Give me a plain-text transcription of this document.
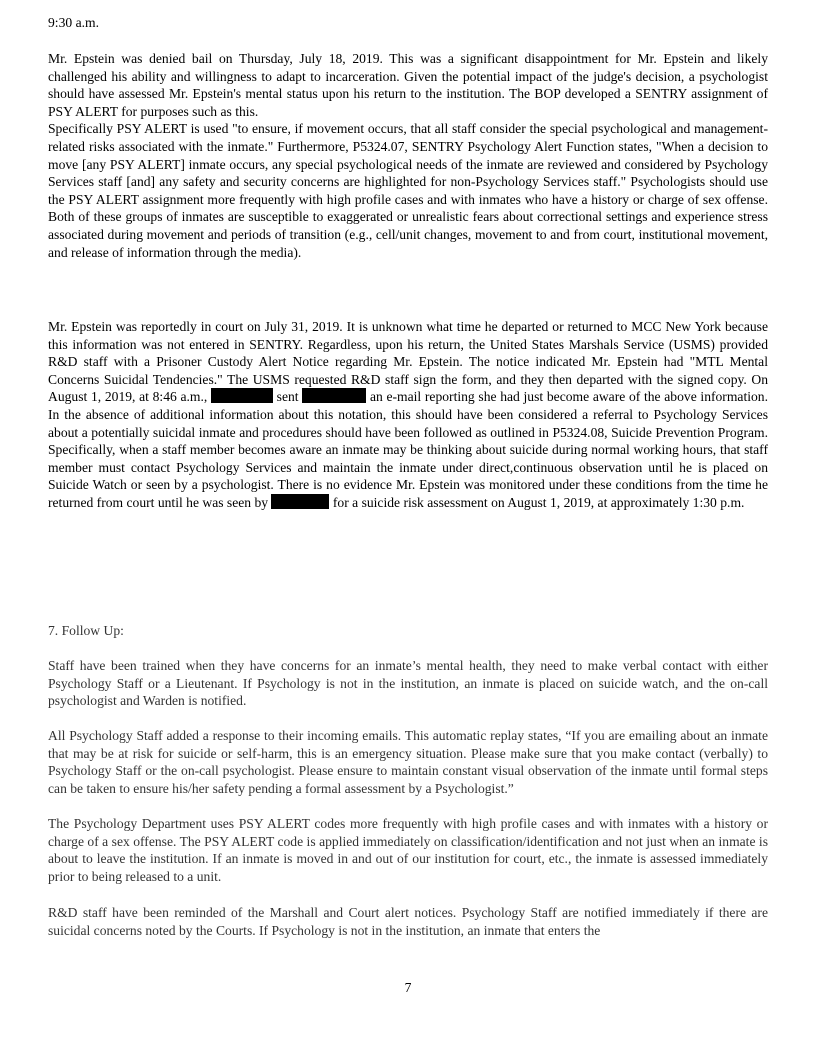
9:30 a.m.

Mr. Epstein was denied bail on Thursday, July 18, 2019. This was a significant disappointment for Mr. Epstein and likely challenged his ability and willingness to adapt to incarceration. Given the potential impact of the judge's decision, a psychologist should have assessed Mr. Epstein's mental status upon his return to the institution. The BOP developed a SENTRY assignment of PSY ALERT for purposes such as this.
Specifically PSY ALERT is used "to ensure, if movement occurs, that all staff consider the special psychological and management-related risks associated with the inmate." Furthermore, P5324.07, SENTRY Psychology Alert Function states, "When a decision to move [any PSY ALERT] inmate occurs, any special psychological needs of the inmate are reviewed and considered by Psychology Services staff [and] any safety and security concerns are highlighted for non-Psychology Services staff." Psychologists should use the PSY ALERT assignment more frequently with high profile cases and with inmates who have a history or charge of sex offense. Both of these groups of inmates are susceptible to exaggerated or unrealistic fears about correctional settings and experience stress associated during movement and periods of transition (e.g., cell/unit changes, movement to and from court, institutional movement, and release of information through the media).

Mr. Epstein was reportedly in court on July 31, 2019. It is unknown what time he departed or returned to MCC New York because this information was not entered in SENTRY. Regardless, upon his return, the United States Marshals Service (USMS) provided R&D staff with a Prisoner Custody Alert Notice regarding Mr. Epstein. The notice indicated Mr. Epstein had "MTL Mental Concerns Suicidal Tendencies." The USMS requested R&D staff sign the form, and they then departed with the signed copy. On August 1, 2019, at 8:46 a.m.,	sent	an e-mail reporting she had just become aware of the above information. In the absence of additional information about this notation, this should have been considered a referral to Psychology Services about a potentially suicidal inmate and procedures should have been followed as outlined in P5324.08, Suicide Prevention Program. Specifically, when a staff member becomes aware an inmate may be thinking about suicide during normal working hours, that staff member must contact Psychology Services and maintain the inmate under direct,continuous observation until he is placed on Suicide Watch or seen by a psychologist. There is no evidence Mr. Epstein was monitored under these conditions from the time he returned from court until he was seen by	for a suicide risk assessment on August 1, 2019, at approximately 1:30 p.m.

7. Follow Up:

Staff have been trained when they have concerns for an inmate’s mental health, they need to make verbal contact with either Psychology Staff or a Lieutenant. If Psychology is not in the institution, an inmate is placed on suicide watch, and the on-call psychologist and Warden is notified.

All Psychology Staff added a response to their incoming emails. This automatic replay states, “If you are emailing about an inmate that may be at risk for suicide or self-harm, this is an emergency situation. Please make sure that you make contact (verbally) to Psychology Staff or the on-call psychologist. Please ensure to maintain constant visual observation of the inmate until formal steps can be taken to ensure his/her safety pending a formal assessment by a Psychologist.”

The Psychology Department uses PSY ALERT codes more frequently with high profile cases and with inmates with a history or charge of a sex offense. The PSY ALERT code is applied immediately on classification/identification and not just when an inmate is about to leave the institution. If an inmate is moved in and out of our institution for court, etc., the inmate is assessed immediately prior to being released to a unit.

R&D staff have been reminded of the Marshall and Court alert notices. Psychology Staff are notified immediately if there are suicidal concerns noted by the Courts. If Psychology is not in the institution, an inmate that enters the

7
